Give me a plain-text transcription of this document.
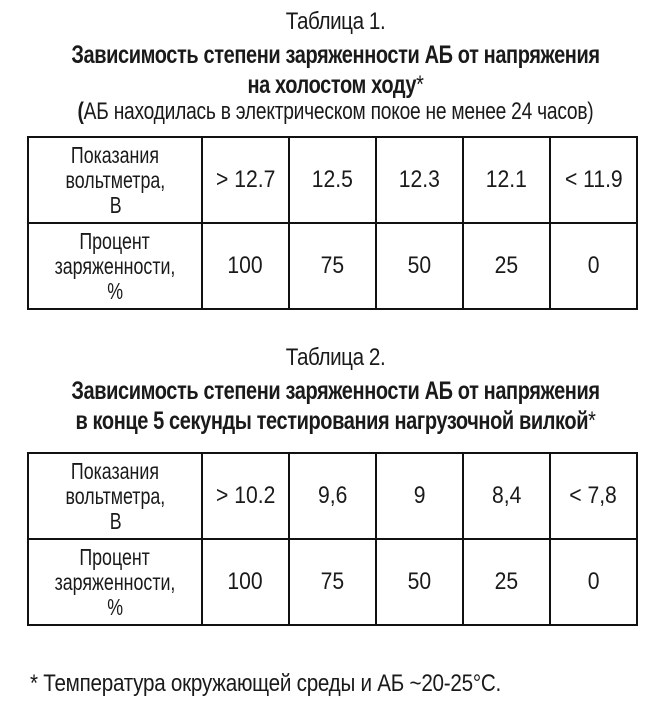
Таблица 1.
Зависимость степени заряженности АБ от напряжения
на холостом ходу*
(АБ находилась в электрическом покое не менее 24 часов)
Показания
вольтметра,
В	> 12.7	12.5	12.3	12.1	< 11.9
Процент
заряженности,
%	100	75	50	25	0
Таблица 2.
Зависимость степени заряженности АБ от напряжения
в конце 5 секунды тестирования нагрузочной вилкой*
Показания
вольтметра,
В	> 10.2	9,6	9	8,4	< 7,8
Процент
заряженности,
%	100	75	50	25	0
* Температура окружающей среды и АБ ~20-25°С.
